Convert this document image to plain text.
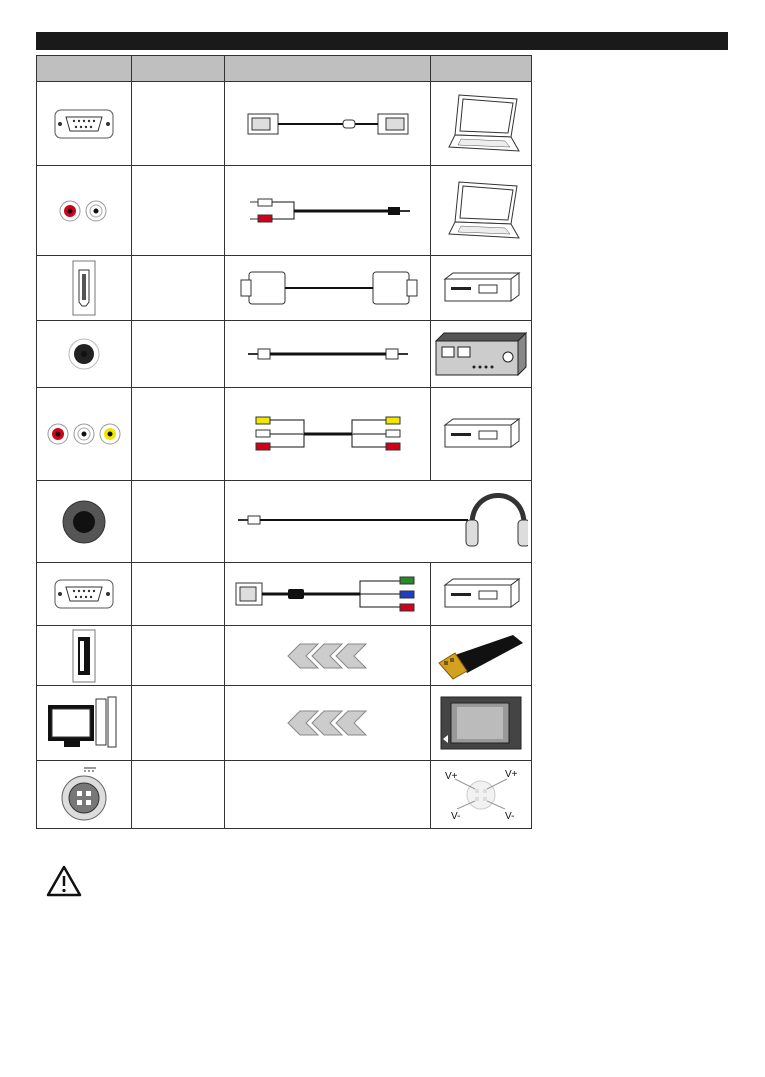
V+ V+
V- V-
